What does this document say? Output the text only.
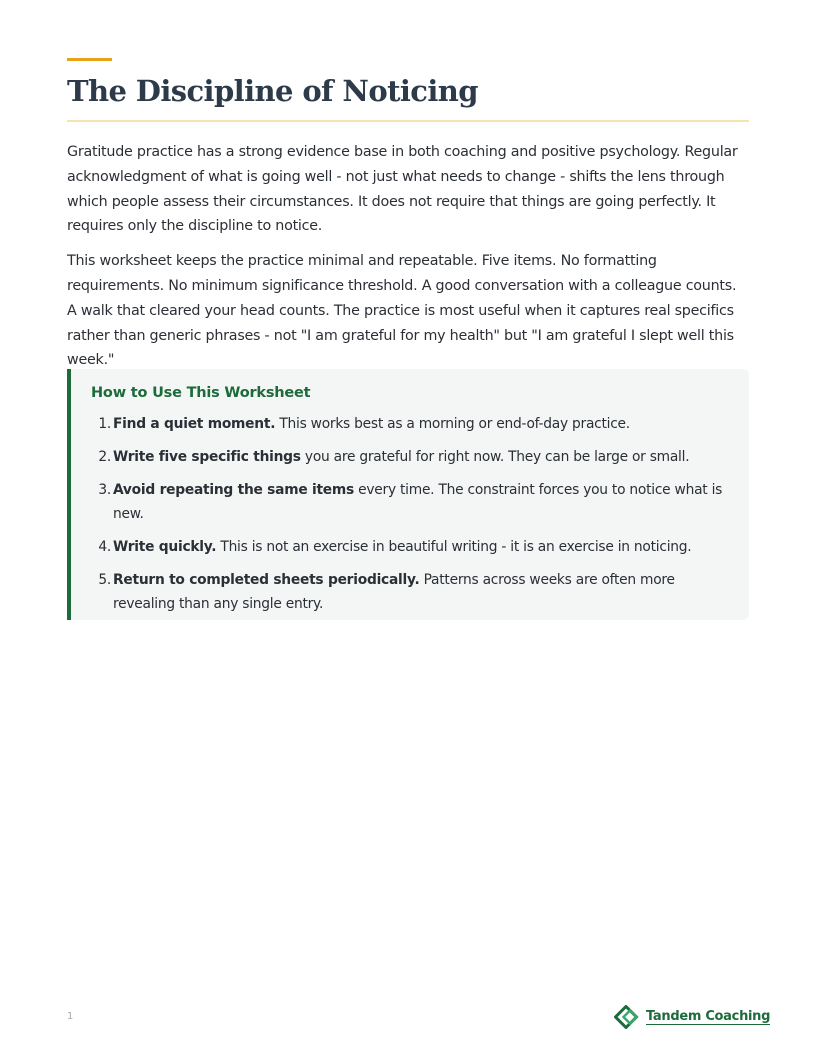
The Discipline of Noticing

Gratitude practice has a strong evidence base in both coaching and positive psychology. Regular acknowledgment of what is going well - not just what needs to change - shifts the lens through which people assess their circumstances. It does not require that things are going perfectly. It requires only the discipline to notice.

This worksheet keeps the practice minimal and repeatable. Five items. No formatting requirements. No minimum significance threshold. A good conversation with a colleague counts. A walk that cleared your head counts. The practice is most useful when it captures real specifics rather than generic phrases - not "I am grateful for my health" but "I am grateful I slept well this week."

How to Use This Worksheet
1. Find a quiet moment. This works best as a morning or end-of-day practice.
2. Write five specific things you are grateful for right now. They can be large or small.
3. Avoid repeating the same items every time. The constraint forces you to notice what is new.
4. Write quickly. This is not an exercise in beautiful writing - it is an exercise in noticing.
5. Return to completed sheets periodically. Patterns across weeks are often more revealing than any single entry.
1	Tandem Coaching
